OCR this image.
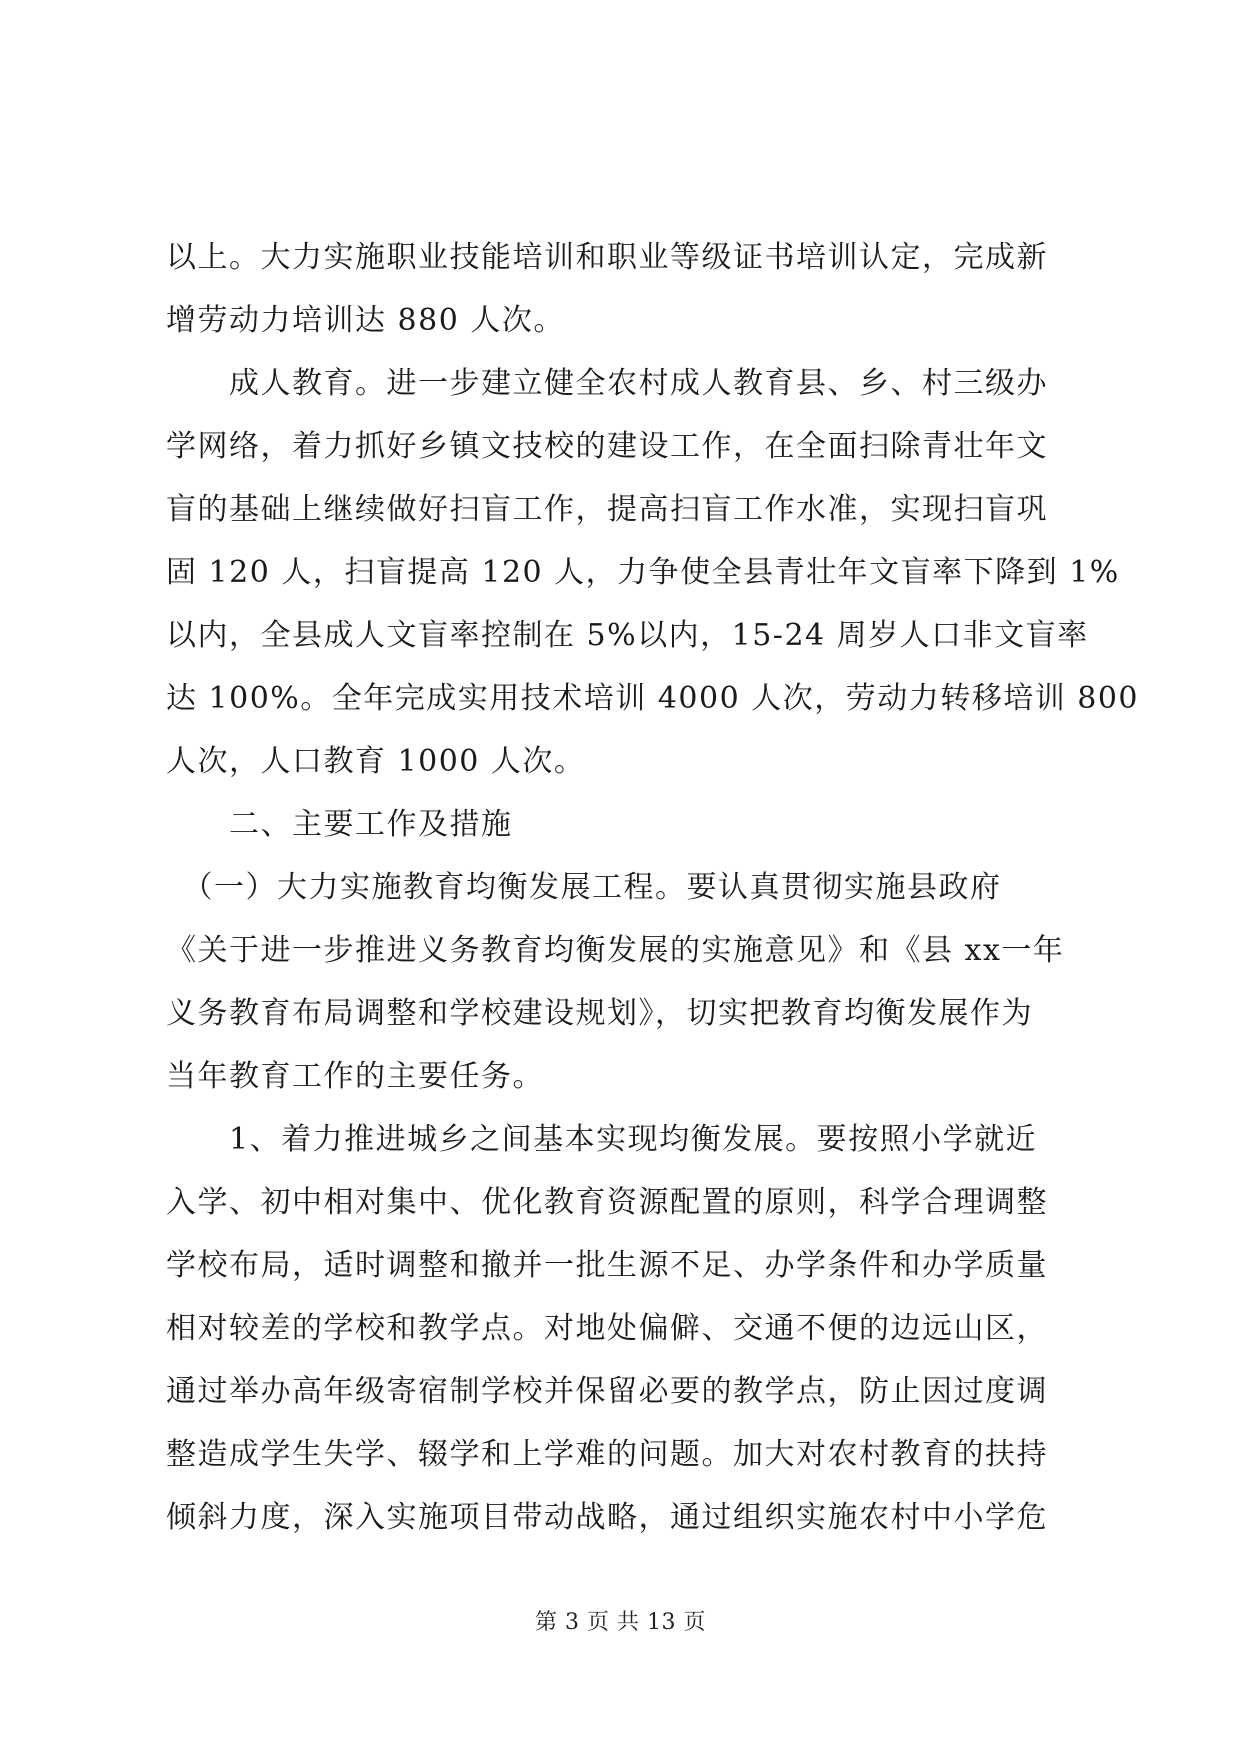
以上。大力实施职业技能培训和职业等级证书培训认定，完成新
增劳动力培训达 880 人次。
　　成人教育。进一步建立健全农村成人教育县、乡、村三级办
学网络，着力抓好乡镇文技校的建设工作，在全面扫除青壮年文
盲的基础上继续做好扫盲工作，提高扫盲工作水准，实现扫盲巩
固 120 人，扫盲提高 120 人，力争使全县青壮年文盲率下降到 1%
以内，全县成人文盲率控制在 5%以内，15-24 周岁人口非文盲率
达 100%。全年完成实用技术培训 4000 人次，劳动力转移培训 800
人次，人口教育 1000 人次。
　　二、主要工作及措施
　（一）大力实施教育均衡发展工程。要认真贯彻实施县政府
《关于进一步推进义务教育均衡发展的实施意见》和《县 xx一年
义务教育布局调整和学校建设规划》，切实把教育均衡发展作为
当年教育工作的主要任务。
　　1、着力推进城乡之间基本实现均衡发展。要按照小学就近
入学、初中相对集中、优化教育资源配置的原则，科学合理调整
学校布局，适时调整和撤并一批生源不足、办学条件和办学质量
相对较差的学校和教学点。对地处偏僻、交通不便的边远山区，
通过举办高年级寄宿制学校并保留必要的教学点，防止因过度调
整造成学生失学、辍学和上学难的问题。加大对农村教育的扶持
倾斜力度，深入实施项目带动战略，通过组织实施农村中小学危
第 3 页 共 13 页
